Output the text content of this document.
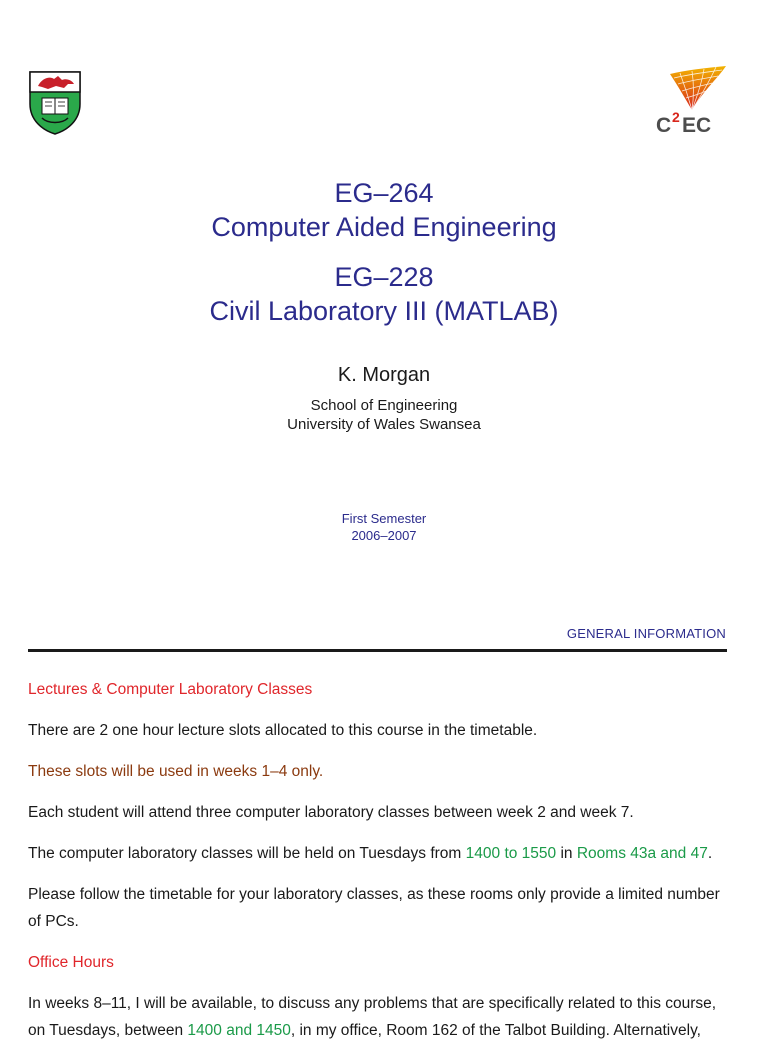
C 2 EC
EG–264
Computer Aided Engineering
EG–228
Civil Laboratory III (MATLAB)
K. Morgan
School of Engineering
University of Wales Swansea
First Semester
2006–2007
GENERAL INFORMATION

Lectures & Computer Laboratory Classes

There are 2 one hour lecture slots allocated to this course in the timetable.

These slots will be used in weeks 1–4 only.

Each student will attend three computer laboratory classes between week 2 and week 7.

The computer laboratory classes will be held on Tuesdays from 1400 to 1550 in Rooms 43a and 47.

Please follow the timetable for your laboratory classes, as these rooms only provide a limited number of PCs.

Office Hours

In weeks 8–11, I will be available, to discuss any problems that are specifically related to this course, on Tuesdays, between 1400 and 1450, in my office, Room 162 of the Talbot Building. Alternatively,
